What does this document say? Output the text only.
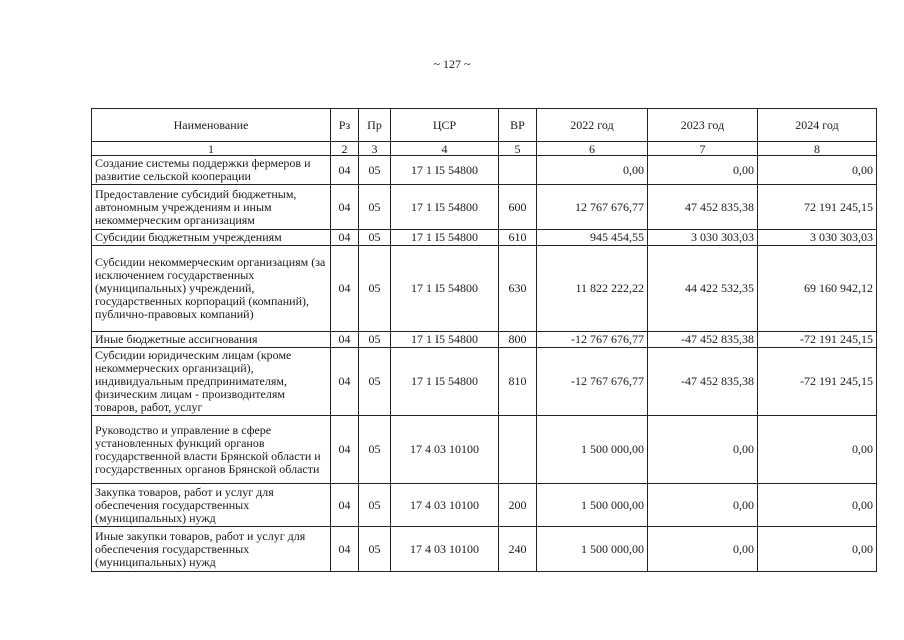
~ 127 ~
Наименование	Рз	Пр	ЦСР	ВР	2022 год	2023 год	2024 год
1	2	3	4	5	6	7	8
Создание системы поддержки фермеров и развитие сельской кооперации	04	05	17 1 I5 54800		0,00	0,00	0,00
Предоставление субсидий бюджетным, автономным учреждениям и иным некоммерческим организациям	04	05	17 1 I5 54800	600	12 767 676,77	47 452 835,38	72 191 245,15
Субсидии бюджетным учреждениям	04	05	17 1 I5 54800	610	945 454,55	3 030 303,03	3 030 303,03
Субсидии некоммерческим организациям (за исключением государственных (муниципальных) учреждений, государственных корпораций (компаний), публично-правовых компаний)	04	05	17 1 I5 54800	630	11 822 222,22	44 422 532,35	69 160 942,12
Иные бюджетные ассигнования	04	05	17 1 I5 54800	800	-12 767 676,77	-47 452 835,38	-72 191 245,15
Субсидии юридическим лицам (кроме некоммерческих организаций), индивидуальным предпринимателям, физическим лицам - производителям товаров, работ, услуг	04	05	17 1 I5 54800	810	-12 767 676,77	-47 452 835,38	-72 191 245,15
Руководство и управление в сфере установленных функций органов государственной власти Брянской области и государственных органов Брянской области	04	05	17 4 03 10100		1 500 000,00	0,00	0,00
Закупка товаров, работ и услуг для обеспечения государственных (муниципальных) нужд	04	05	17 4 03 10100	200	1 500 000,00	0,00	0,00
Иные закупки товаров, работ и услуг для обеспечения государственных (муниципальных) нужд	04	05	17 4 03 10100	240	1 500 000,00	0,00	0,00
